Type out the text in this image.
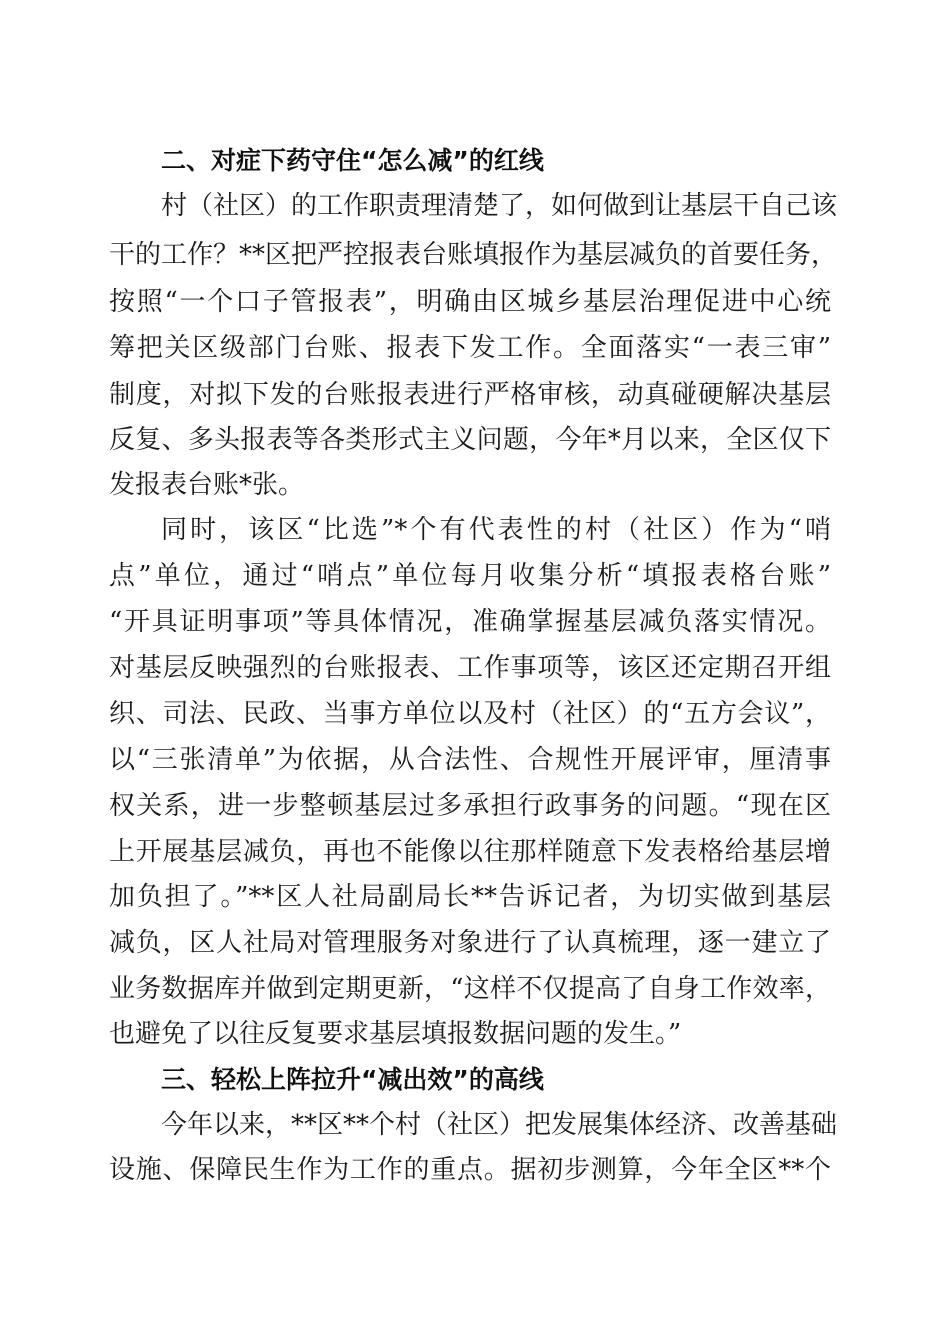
二、对症下药守住“怎么减”的红线
村（社区）的工作职责理清楚了，如何做到让基层干自己该
干的工作？**区把严控报表台账填报作为基层减负的首要任务，
按照“一个口子管报表”，明确由区城乡基层治理促进中心统
筹把关区级部门台账、报表下发工作。全面落实“一表三审”
制度，对拟下发的台账报表进行严格审核，动真碰硬解决基层
反复、多头报表等各类形式主义问题，今年*月以来，全区仅下
发报表台账*张。
同时，该区“比选”*个有代表性的村（社区）作为“哨
点”单位，通过“哨点”单位每月收集分析“填报表格台账”
“开具证明事项”等具体情况，准确掌握基层减负落实情况。
对基层反映强烈的台账报表、工作事项等，该区还定期召开组
织、司法、民政、当事方单位以及村（社区）的“五方会议”，
以“三张清单”为依据，从合法性、合规性开展评审，厘清事
权关系，进一步整顿基层过多承担行政事务的问题。“现在区
上开展基层减负，再也不能像以往那样随意下发表格给基层增
加负担了。”**区人社局副局长**告诉记者，为切实做到基层
减负，区人社局对管理服务对象进行了认真梳理，逐一建立了
业务数据库并做到定期更新，“这样不仅提高了自身工作效率，
也避免了以往反复要求基层填报数据问题的发生。”
三、轻松上阵拉升“减出效”的高线
今年以来，**区**个村（社区）把发展集体经济、改善基础
设施、保障民生作为工作的重点。据初步测算，今年全区**个
